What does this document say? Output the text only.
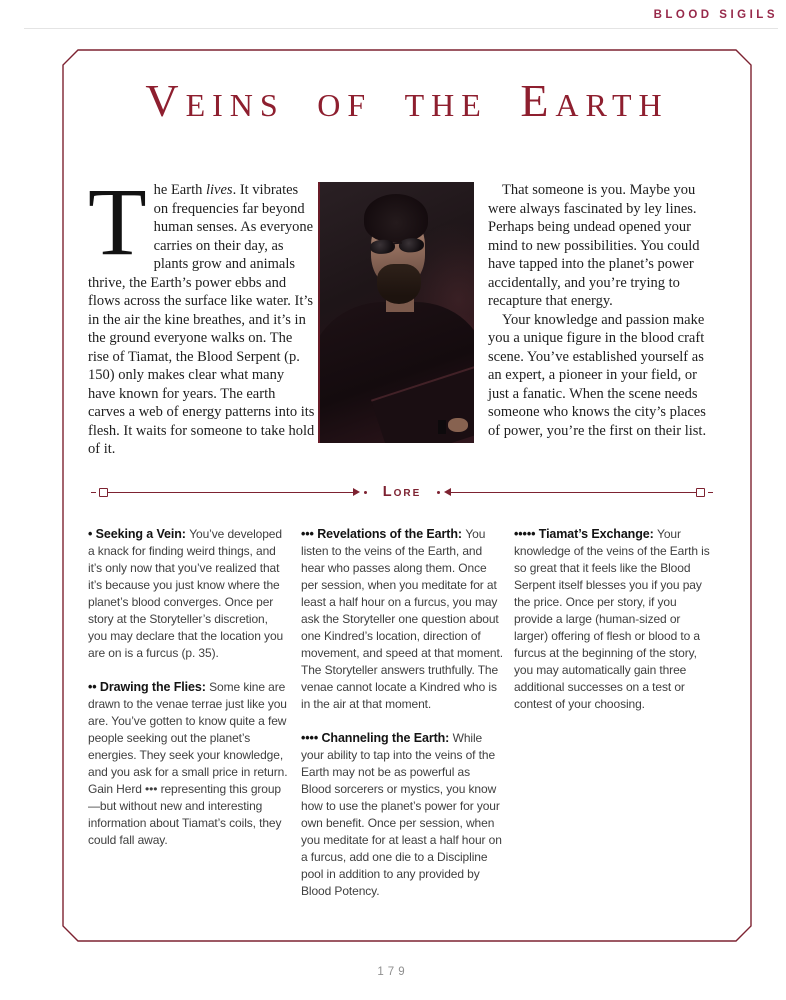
BLOOD SIGILS
Veins of the Earth

The Earth lives. It vibrates on frequencies far beyond human senses. As everyone carries on their day, as plants grow and animals thrive, the Earth’s power ebbs and flows across the surface like water. It’s in the air the kine breathes, and it’s in the ground everyone walks on. The rise of Tiamat, the Blood Serpent (p. 150) only makes clear what many have known for years. The earth carves a web of energy patterns into its flesh. It waits for someone to take hold of it.

That someone is you. Maybe you were always fascinated by ley lines. Perhaps being undead opened your mind to new possibilities. You could have tapped into the planet’s power accidentally, and you’re trying to recapture that energy.

Your knowledge and passion make you a unique figure in the blood craft scene. You’ve established yourself as an expert, a pioneer in your field, or just a fanatic. When the scene needs someone who knows the city’s places of power, you’re the first on their list.

Lore

• Seeking a Vein: You’ve developed a knack for finding weird things, and it’s only now that you’ve realized that it’s because you just know where the planet’s blood converges. Once per story at the Storyteller’s discretion, you may declare that the location you are on is a furcus (p. 35).

•• Drawing the Flies: Some kine are drawn to the venae terrae just like you are. You’ve gotten to know quite a few people seeking out the planet’s energies. They seek your knowledge, and you ask for a small price in return. Gain Herd ••• representing this group—but without new and interesting information about Tiamat’s coils, they could fall away.

••• Revelations of the Earth: You listen to the veins of the Earth, and hear who passes along them. Once per session, when you meditate for at least a half hour on a furcus, you may ask the Storyteller one question about one Kindred’s location, direction of movement, and speed at that moment. The Storyteller answers truthfully. The venae cannot locate a Kindred who is in the air at that moment.

•••• Channeling the Earth: While your ability to tap into the veins of the Earth may not be as powerful as Blood sorcerers or mystics, you know how to use the planet’s power for your own benefit. Once per session, when you meditate for at least a half hour on a furcus, add one die to a Discipline pool in addition to any provided by Blood Potency.

••••• Tiamat’s Exchange: Your knowledge of the veins of the Earth is so great that it feels like the Blood Serpent itself blesses you if you pay the price. Once per story, if you provide a large (human-sized or larger) offering of flesh or blood to a furcus at the beginning of the story, you may automatically gain three additional successes on a test or contest of your choosing.

179
